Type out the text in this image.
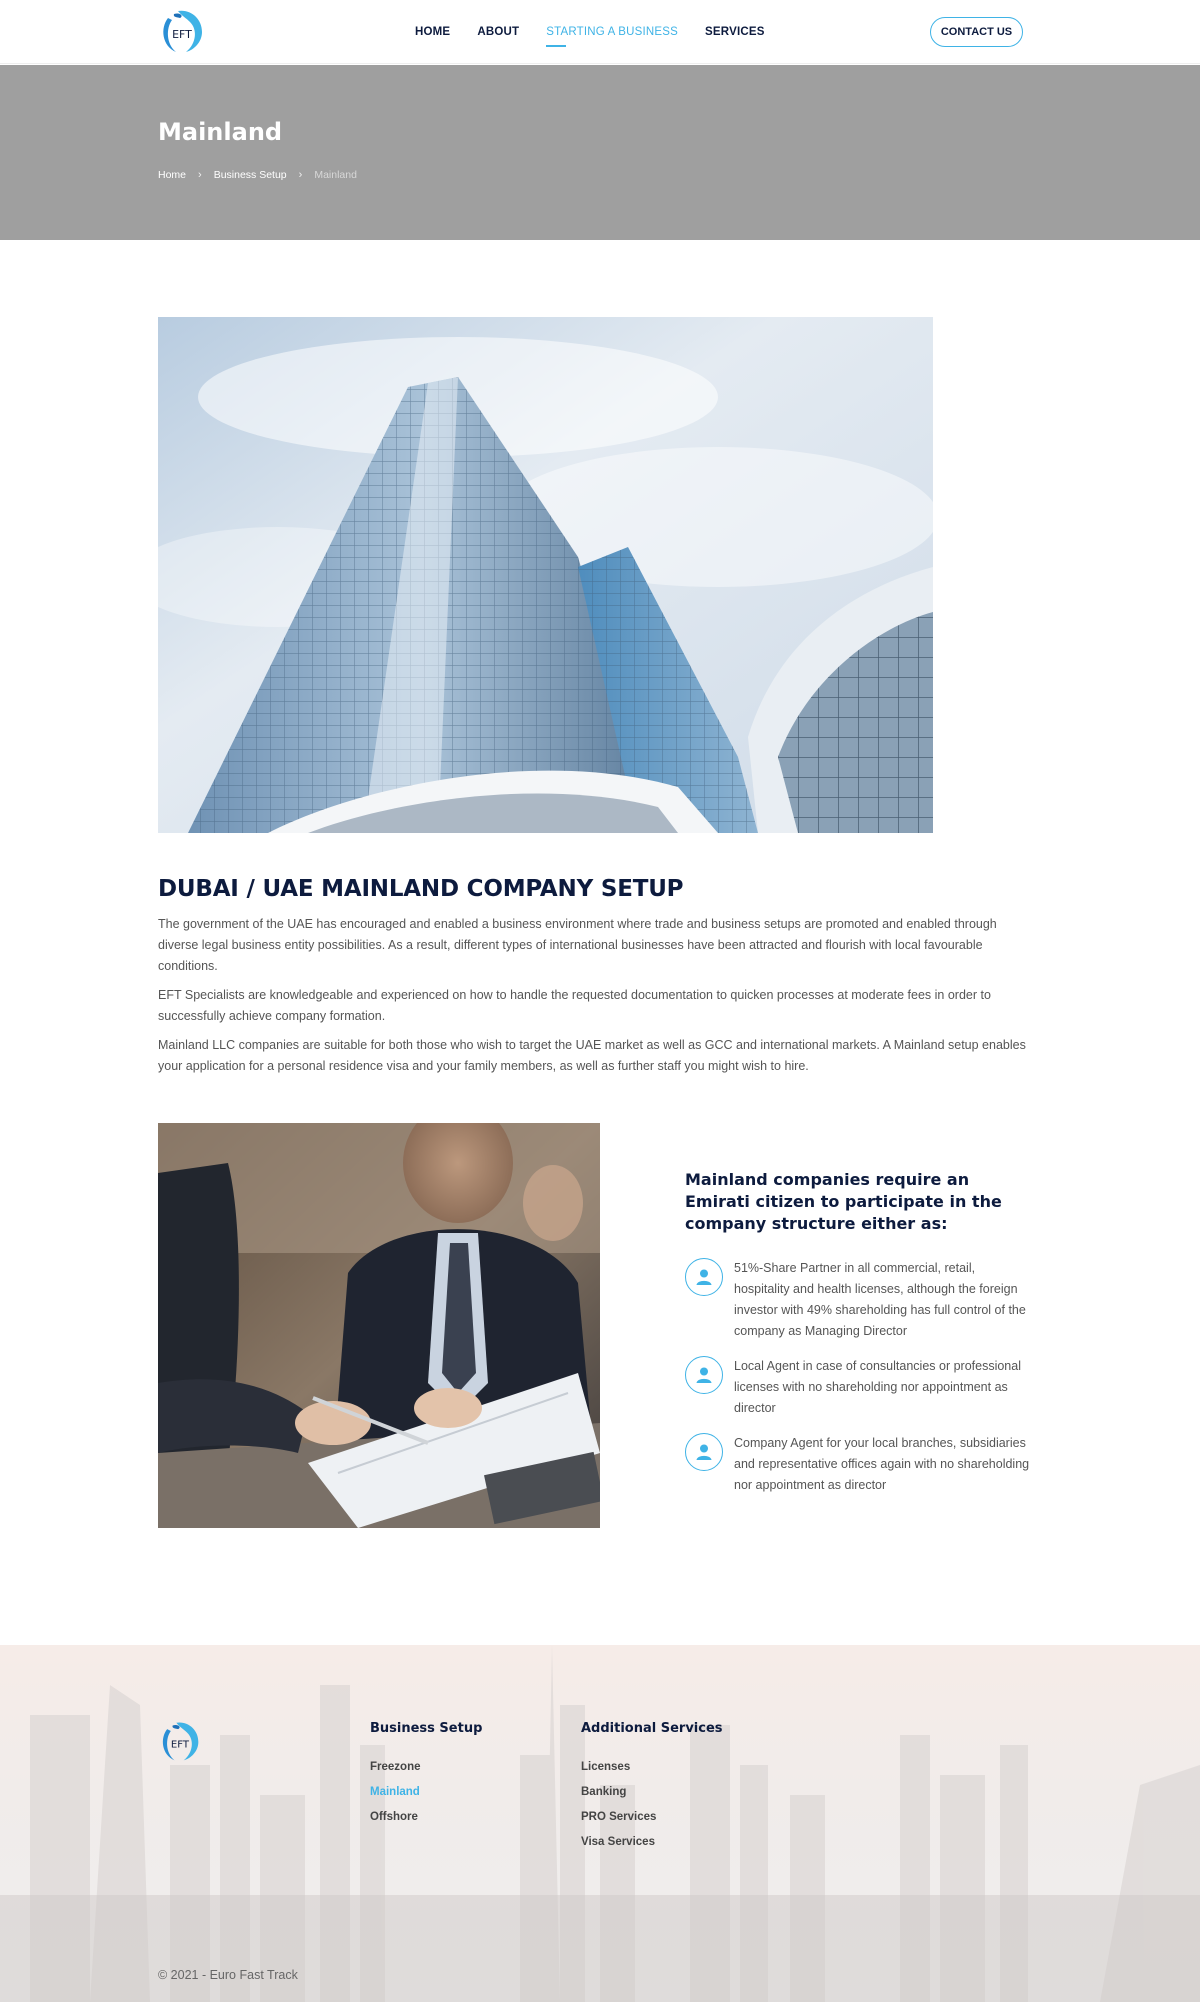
EFT	HOME ABOUT STARTING A BUSINESS SERVICES	CONTACT US
Mainland
Home › Business Setup › Mainland
DUBAI / UAE MAINLAND COMPANY SETUP

The government of the UAE has encouraged and enabled a business environment where trade and business setups are promoted and enabled through diverse legal business entity possibilities. As a result, different types of international businesses have been attracted and flourish with local favourable conditions.

EFT Specialists are knowledgeable and experienced on how to handle the requested documentation to quicken processes at moderate fees in order to successfully achieve company formation.

Mainland LLC companies are suitable for both those who wish to target the UAE market as well as GCC and international markets. A Mainland setup enables your application for a personal residence visa and your family members, as well as further staff you might wish to hire.

Mainland companies require an Emirati citizen to participate in the company structure either as:

51%-Share Partner in all commercial, retail, hospitality and health licenses, although the foreign investor with 49% shareholding has full control of the company as Managing Director

Local Agent in case of consultancies or professional licenses with no shareholding nor appointment as director

Company Agent for your local branches, subsidiaries and representative offices again with no shareholding nor appointment as director

EFT
Business Setup
Freezone
Mainland
Offshore
Additional Services
Licenses
Banking
PRO Services
Visa Services
© 2021 - Euro Fast Track
